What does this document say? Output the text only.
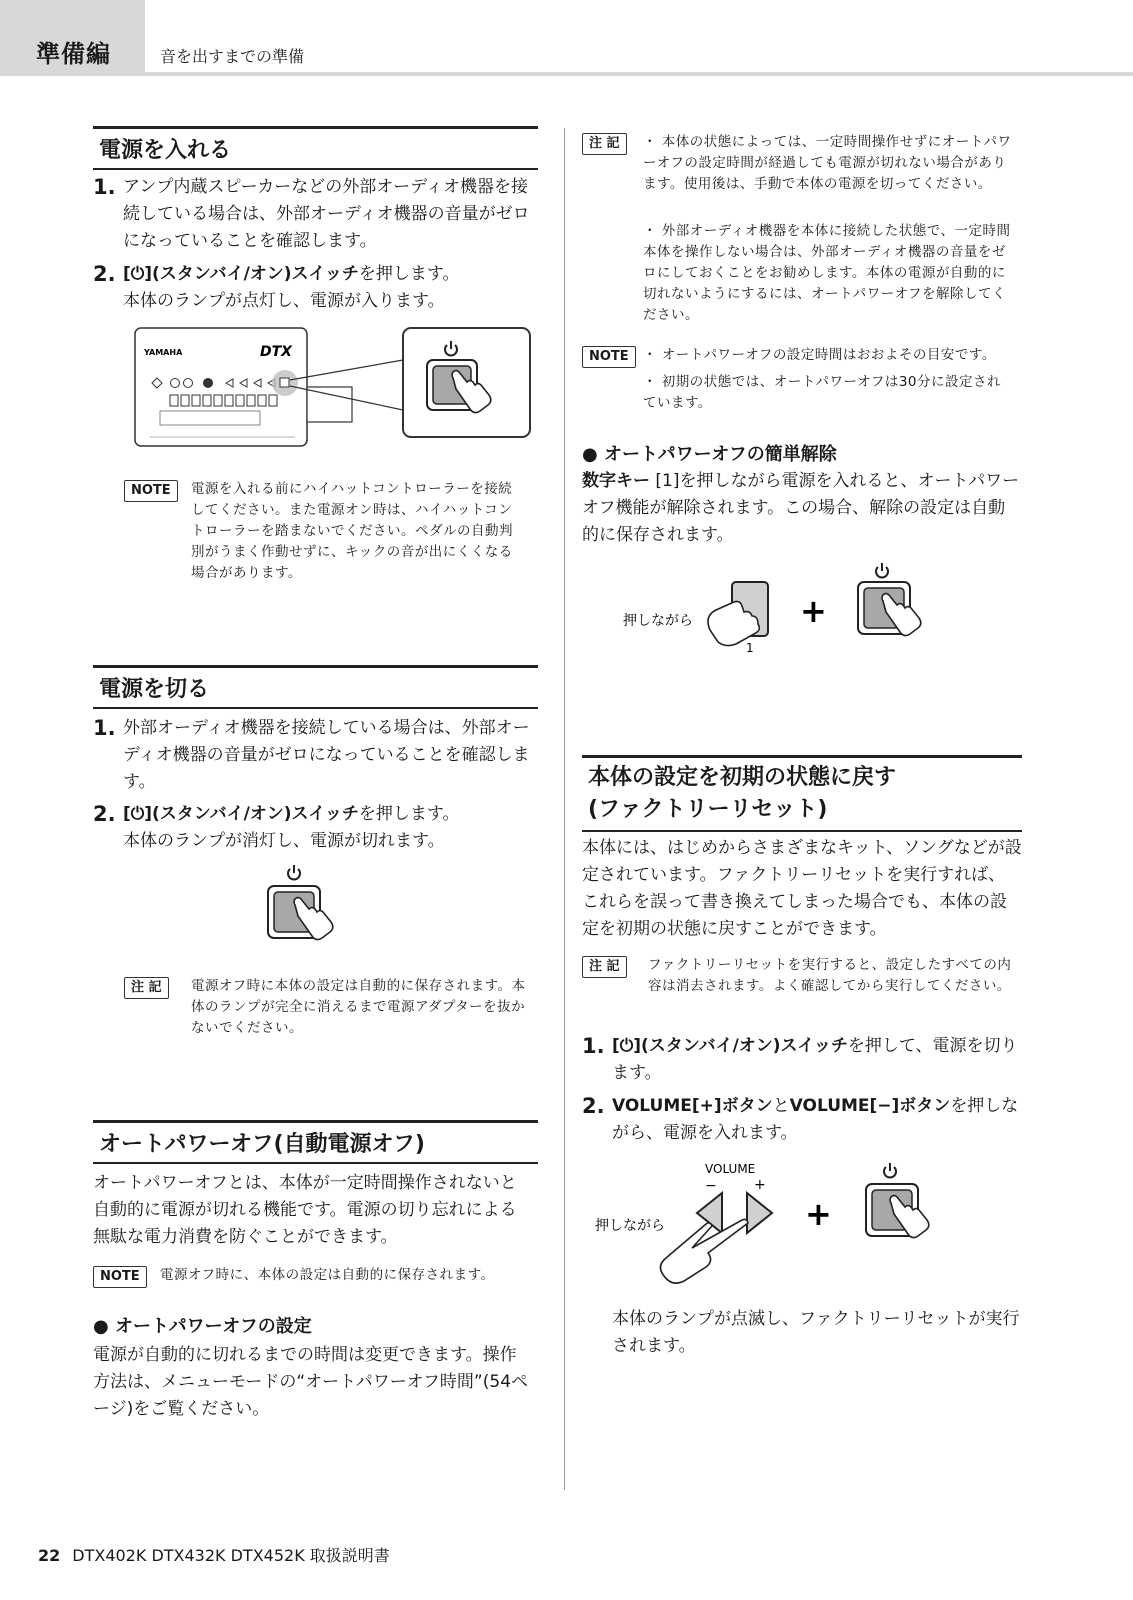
準備編	音を出すまでの準備
電源を入れる
1. アンプ内蔵スピーカーなどの外部オーディオ機器を接続している場合は、外部オーディオ機器の音量がゼロになっていることを確認します。
2. [⏻](スタンバイ/オン)スイッチを押します。
本体のランプが点灯し、電源が入ります。
YAMAHA	DTX
NOTE	電源を入れる前にハイハットコントローラーを接続してください。また電源オン時は、ハイハットコントローラーを踏まないでください。ペダルの自動判別がうまく作動せずに、キックの音が出にくくなる場合があります。
電源を切る
1. 外部オーディオ機器を接続している場合は、外部オーディオ機器の音量がゼロになっていることを確認します。
2. [⏻](スタンバイ/オン)スイッチを押します。
本体のランプが消灯し、電源が切れます。
注 記	電源オフ時に本体の設定は自動的に保存されます。本体のランプが完全に消えるまで電源アダプターを抜かないでください。
オートパワーオフ(自動電源オフ)
オートパワーオフとは、本体が一定時間操作されないと自動的に電源が切れる機能です。電源の切り忘れによる無駄な電力消費を防ぐことができます。
NOTE	電源オフ時に、本体の設定は自動的に保存されます。
● オートパワーオフの設定
電源が自動的に切れるまでの時間は変更できます。操作方法は、メニューモードの“オートパワーオフ時間”(54ページ)をご覧ください。
注 記	・ 本体の状態によっては、一定時間操作せずにオートパワーオフの設定時間が経過しても電源が切れない場合があります。使用後は、手動で本体の電源を切ってください。
・ 外部オーディオ機器を本体に接続した状態で、一定時間本体を操作しない場合は、外部オーディオ機器の音量をゼロにしておくことをお勧めします。本体の電源が自動的に切れないようにするには、オートパワーオフを解除してください。
NOTE	・ オートパワーオフの設定時間はおおよその目安です。
・ 初期の状態では、オートパワーオフは30分に設定されています。
● オートパワーオフの簡単解除
数字キー [1]を押しながら電源を入れると、オートパワーオフ機能が解除されます。この場合、解除の設定は自動的に保存されます。
押しながら
1
+
本体の設定を初期の状態に戻す
(ファクトリーリセット)
本体には、はじめからさまざまなキット、ソングなどが設定されています。ファクトリーリセットを実行すれば、これらを誤って書き換えてしまった場合でも、本体の設定を初期の状態に戻すことができます。
注 記	ファクトリーリセットを実行すると、設定したすべての内容は消去されます。よく確認してから実行してください。
1. [⏻](スタンバイ/オン)スイッチを押して、電源を切ります。
2. VOLUME[+]ボタンとVOLUME[−]ボタンを押しながら、電源を入れます。
VOLUME
−	+
押しながら	+
本体のランプが点滅し、ファクトリーリセットが実行されます。
22 DTX402K DTX432K DTX452K 取扱説明書
